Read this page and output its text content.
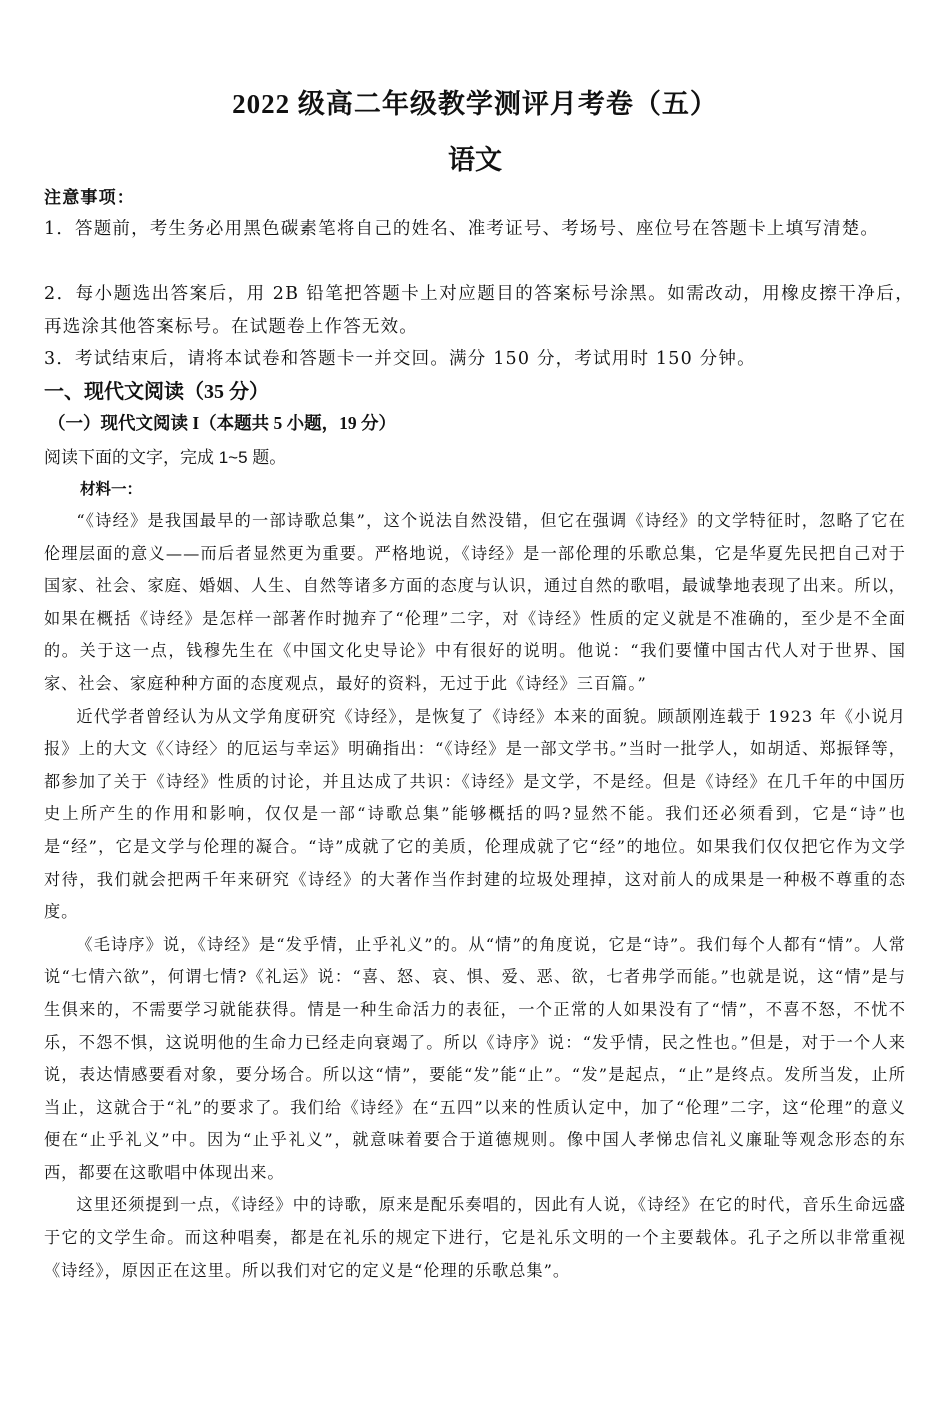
2022 级高二年级教学测评月考卷（五）
语文
注意事项：
1．答题前，考生务必用黑色碳素笔将自己的姓名、准考证号、考场号、座位号在答题卡上填写清楚。
2．每小题选出答案后，用 2B 铅笔把答题卡上对应题目的答案标号涂黑。如需改动，用橡皮擦干净后，再选涂其他答案标号。在试题卷上作答无效。
3．考试结束后，请将本试卷和答题卡一并交回。满分 150 分，考试用时 150 分钟。
一、现代文阅读（35 分）
（一）现代文阅读 I（本题共 5 小题，19 分）
阅读下面的文字，完成 1~5 题。
材料一：

“《诗经》是我国最早的一部诗歌总集”，这个说法自然没错，但它在强调《诗经》的文学特征时，忽略了它在伦理层面的意义——而后者显然更为重要。严格地说，《诗经》是一部伦理的乐歌总集，它是华夏先民把自己对于国家、社会、家庭、婚姻、人生、自然等诸多方面的态度与认识，通过自然的歌唱，最诚挚地表现了出来。所以，如果在概括《诗经》是怎样一部著作时抛弃了“伦理”二字，对《诗经》性质的定义就是不准确的，至少是不全面的。关于这一点，钱穆先生在《中国文化史导论》中有很好的说明。他说：“我们要懂中国古代人对于世界、国家、社会、家庭种种方面的态度观点，最好的资料，无过于此《诗经》三百篇。”

近代学者曾经认为从文学角度研究《诗经》，是恢复了《诗经》本来的面貌。顾颉刚连载于 1923 年《小说月报》上的大文《〈诗经〉的厄运与幸运》明确指出：“《诗经》是一部文学书。”当时一批学人，如胡适、郑振铎等，都参加了关于《诗经》性质的讨论，并且达成了共识：《诗经》是文学，不是经。但是《诗经》在几千年的中国历史上所产生的作用和影响，仅仅是一部“诗歌总集”能够概括的吗?显然不能。我们还必须看到，它是“诗”也是“经”，它是文学与伦理的凝合。“诗”成就了它的美质，伦理成就了它“经”的地位。如果我们仅仅把它作为文学对待，我们就会把两千年来研究《诗经》的大著作当作封建的垃圾处理掉，这对前人的成果是一种极不尊重的态度。

《毛诗序》说，《诗经》是“发乎情，止乎礼义”的。从“情”的角度说，它是“诗”。我们每个人都有“情”。人常说“七情六欲”，何谓七情?《礼运》说：“喜、怒、哀、惧、爱、恶、欲，七者弗学而能。”也就是说，这“情”是与生俱来的，不需要学习就能获得。情是一种生命活力的表征，一个正常的人如果没有了“情”，不喜不怒，不忧不乐，不怨不惧，这说明他的生命力已经走向衰竭了。所以《诗序》说：“发乎情，民之性也。”但是，对于一个人来说，表达情感要看对象，要分场合。所以这“情”，要能“发”能“止”。“发”是起点，“止”是终点。发所当发，止所当止，这就合于“礼”的要求了。我们给《诗经》在“五四”以来的性质认定中，加了“伦理”二字，这“伦理”的意义便在“止乎礼义”中。因为“止乎礼义”，就意味着要合于道德规则。像中国人孝悌忠信礼义廉耻等观念形态的东西，都要在这歌唱中体现出来。

这里还须提到一点，《诗经》中的诗歌，原来是配乐奏唱的，因此有人说，《诗经》在它的时代，音乐生命远盛于它的文学生命。而这种唱奏，都是在礼乐的规定下进行，它是礼乐文明的一个主要载体。孔子之所以非常重视《诗经》，原因正在这里。所以我们对它的定义是“伦理的乐歌总集”。
